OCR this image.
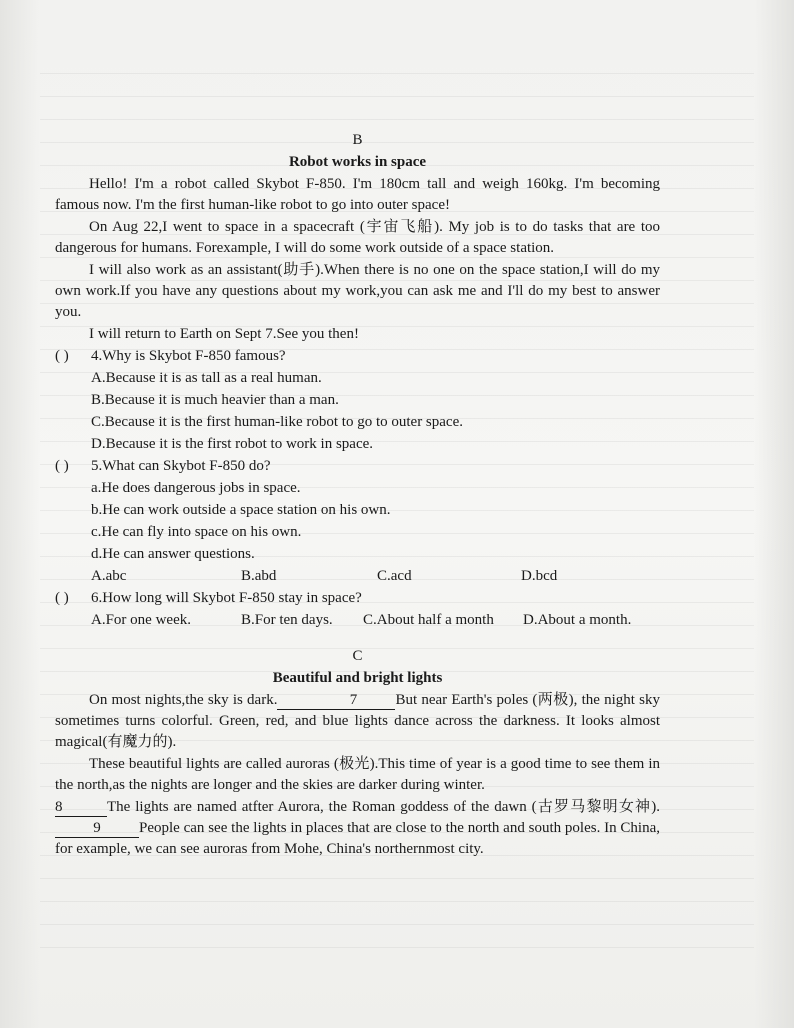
B
Robot works in space

Hello! I'm a robot called Skybot F-850. I'm 180cm tall and weigh 160kg. I'm becoming famous now. I'm the first human-like robot to go into outer space!

On Aug 22,I went to space in a spacecraft (宇宙飞船). My job is to do tasks that are too dangerous for humans. Forexample, I will do some work outside of a space station.

I will also work as an assistant(助手).When there is no one on the space station,I will do my own work.If you have any questions about my work,you can ask me and I'll do my best to answer you.

I will return to Earth on Sept 7.See you then!

( ) 4.Why is Skybot F-850 famous?
A.Because it is as tall as a real human.
B.Because it is much heavier than a man.
C.Because it is the first human-like robot to go to outer space.
D.Because it is the first robot to work in space.
( ) 5.What can Skybot F-850 do?
a.He does dangerous jobs in space.
b.He can work outside a space station on his own.
c.He can fly into space on his own.
d.He can answer questions.
A.abc	B.abd	C.acd	D.bcd
( ) 6.How long will Skybot F-850 stay in space?
A.For one week.	B.For ten days.	C.About half a month	D.About a month.
C
Beautiful and bright lights

On most nights,the sky is dark.	7	But near Earth's poles (两极), the night sky sometimes turns colorful. Green, red, and blue lights dance across the darkness. It looks almost magical(有魔力的).

These beautiful lights are called auroras (极光).This time of year is a good time to see them in the north,as the nights are longer and the skies are darker during winter.

8	The lights are named atfter Aurora, the Roman goddess of the dawn (古罗马黎明女神).9	People can see the lights in places that are close to the north and south poles. In China, for example, we can see auroras from Mohe, China's northernmost city.
